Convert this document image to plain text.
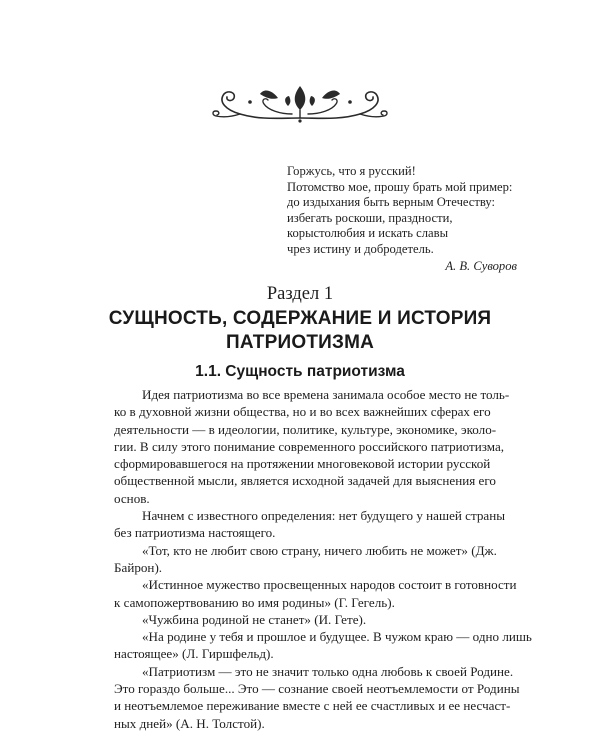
Горжусь, что я русский!
Потомство мое, прошу брать мой пример:
до издыхания быть верным Отечеству:
избегать роскоши, праздности,
корыстолюбия и искать славы
чрез истину и добродетель.
А. В. Суворов
Раздел 1
СУЩНОСТЬ, СОДЕРЖАНИЕ И ИСТОРИЯ
ПАТРИОТИЗМА
1.1. Сущность патриотизма
Идея патриотизма во все времена занимала особое место не толь-
ко в духовной жизни общества, но и во всех важнейших сферах его
деятельности — в идеологии, политике, культуре, экономике, эколо-
гии. В силу этого понимание современного российского патриотизма,
сформировавшегося на протяжении многовековой истории русской
общественной мысли, является исходной задачей для выяснения его
основ.
Начнем с известного определения: нет будущего у нашей страны
без патриотизма настоящего.
«Тот, кто не любит свою страну, ничего любить не может» (Дж.
Байрон).
«Истинное мужество просвещенных народов состоит в готовности
к самопожертвованию во имя родины» (Г. Гегель).
«Чужбина родиной не станет» (И. Гете).
«На родине у тебя и прошлое и будущее. В чужом краю — одно лишь
настоящее» (Л. Гиршфельд).
«Патриотизм — это не значит только одна любовь к своей Родине.
Это гораздо больше... Это — сознание своей неотъемлемости от Родины
и неотъемлемое переживание вместе с ней ее счастливых и ее несчаст-
ных дней» (А. Н. Толстой).
